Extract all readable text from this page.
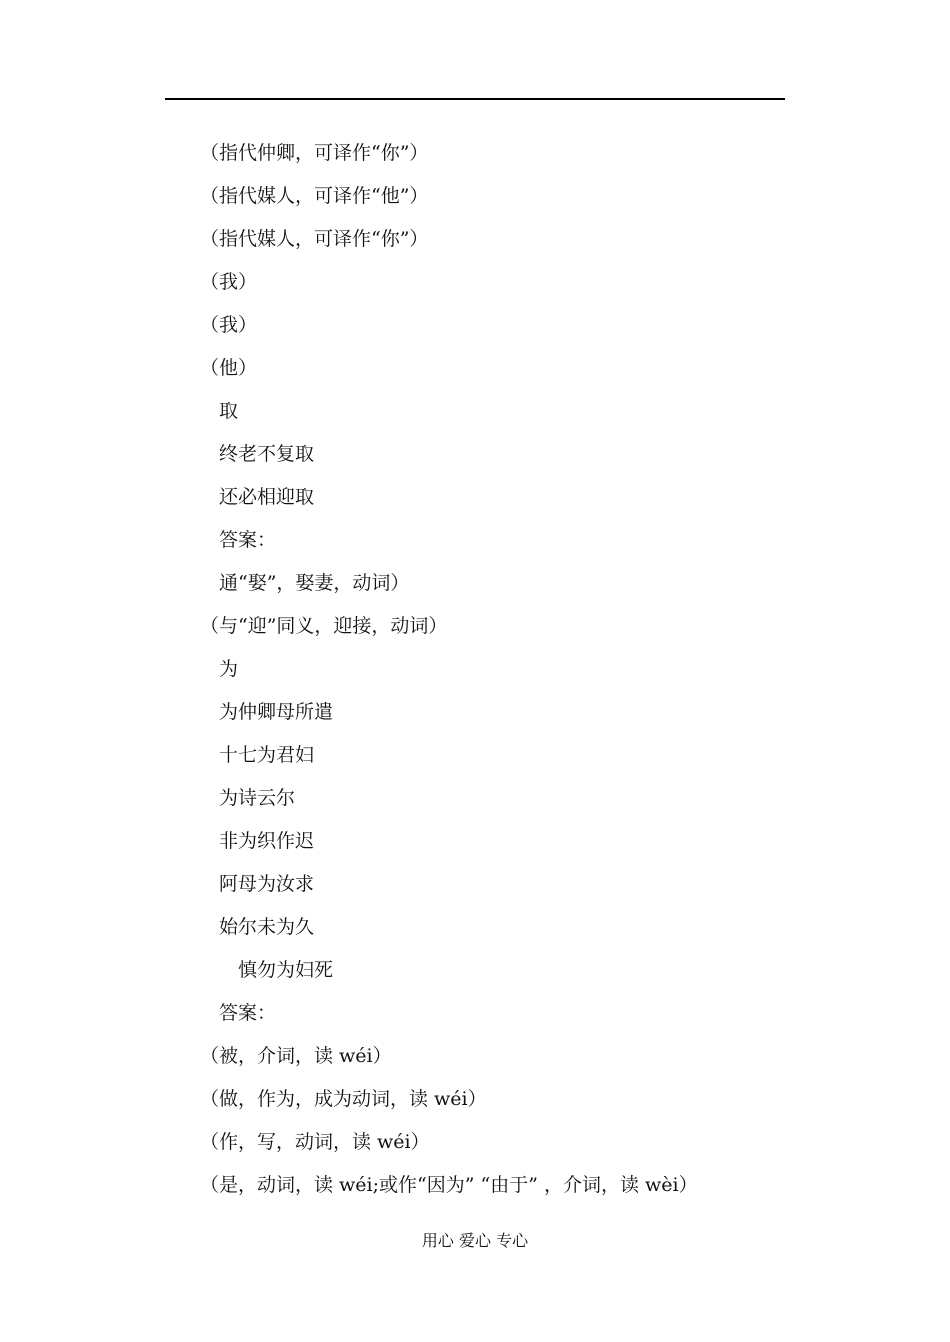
（指代仲卿，可译作“你”）
（指代媒人，可译作“他”）
（指代媒人，可译作“你”）
（我）
（我）
（他）
　取
　终老不复取
　还必相迎取
　答案：
　通“娶”，娶妻，动词）
（与“迎”同义，迎接，动词）
　为
　为仲卿母所遣
　十七为君妇
　为诗云尔
　非为织作迟
　阿母为汝求
　始尔未为久
　　慎勿为妇死
　答案：
（被，介词，读 wéi）
（做，作为，成为动词，读 wéi）
（作，写，动词，读 wéi）
（是，动词，读 wéi;或作“因为” “由于” ，介词，读 wèi）
用心 爱心 专心
